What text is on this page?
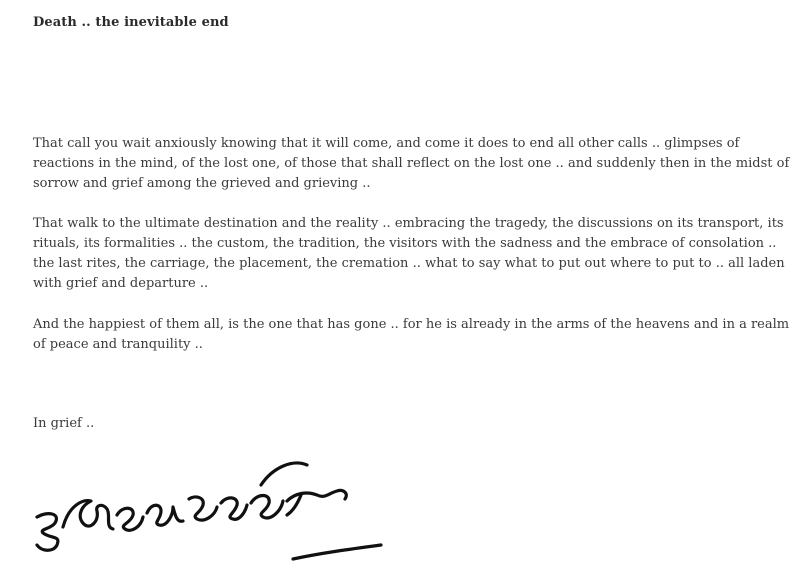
Death .. the inevitable end

That call you wait anxiously knowing that it will come, and come it does to end all other calls .. glimpses of reactions in the mind, of the lost one, of those that shall reflect on the lost one .. and suddenly then in the midst of sorrow and grief among the grieved and grieving ..

That walk to the ultimate destination and the reality .. embracing the tragedy, the discussions on its transport, its rituals, its formalities .. the custom, the tradition, the visitors with the sadness and the embrace of consolation .. the last rites, the carriage, the placement, the cremation .. what to say what to put out where to put to .. all laden with grief and departure ..

And the happiest of them all, is the one that has gone .. for he is already in the arms of the heavens and in a realm of peace and tranquility ..

In grief ..
